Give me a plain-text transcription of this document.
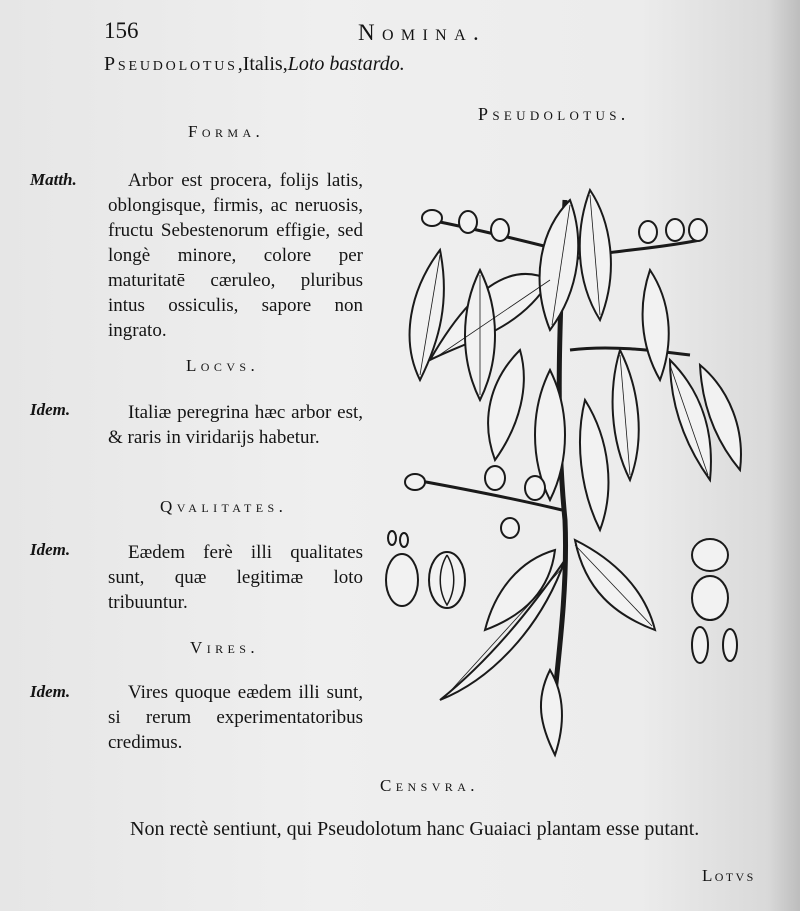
156	Nomina.
Pseudolotus,Italis,Loto bastardo.
Pseudolotus.
Forma.
Matth.	Arbor est procera, folijs latis, oblongisque, firmis, ac neruosis, fructu Sebestenorum effigie, sed longè minore, colore per maturitatē cæruleo, pluribus intus ossiculis, sapore non ingrato.
Locvs.
Idem.	Italiæ peregrina hæc arbor est, & raris in viridarijs habetur.
Qvalitates.
Idem.	Eædem ferè illi qualitates sunt, quæ legitimæ loto tribuuntur.
Vires.
Idem.	Vires quoque eædem illi sunt, si rerum experimentatoribus credimus.
Censvra.
Non rectè sentiunt, qui Pseudolotum hanc Guaiaci plantam esse putant.
Lotvs
